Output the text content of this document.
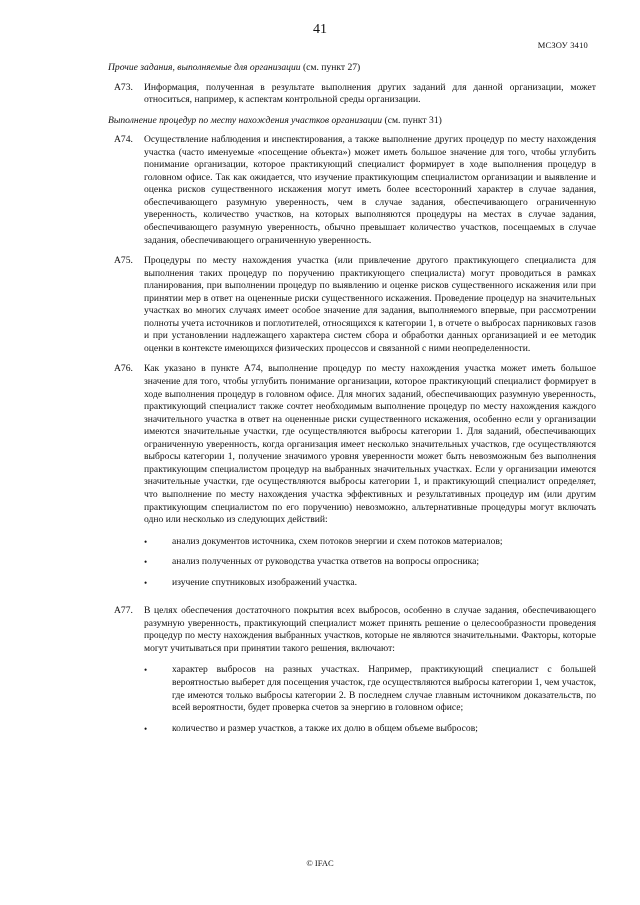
41
МСЗОУ 3410
Прочие задания, выполняемые для организации (см. пункт 27)
A73.	Информация, полученная в результате выполнения других заданий для данной организации, может относиться, например, к аспектам контрольной среды организации.

Выполнение процедур по месту нахождения участков организации (см. пункт 31)
A74.	Осуществление наблюдения и инспектирования, а также выполнение других процедур по месту нахождения участка (часто именуемые «посещение объекта») может иметь большое значение для того, чтобы углубить понимание организации, которое практикующий специалист формирует в ходе выполнения процедур в головном офисе. Так как ожидается, что изучение практикующим специалистом организации и выявление и оценка рисков существенного искажения могут иметь более всесторонний характер в случае задания, обеспечивающего разумную уверенность, чем в случае задания, обеспечивающего ограниченную уверенность, количество участков, на которых выполняются процедуры на местах в случае задания, обеспечивающего разумную уверенность, обычно превышает количество участков, посещаемых в случае задания, обеспечивающего ограниченную уверенность.

A75.	Процедуры по месту нахождения участка (или привлечение другого практикующего специалиста для выполнения таких процедур по поручению практикующего специалиста) могут проводиться в рамках планирования, при выполнении процедур по выявлению и оценке рисков существенного искажения или при принятии мер в ответ на оцененные риски существенного искажения. Проведение процедур на значительных участках во многих случаях имеет особое значение для задания, выполняемого впервые, при рассмотрении полноты учета источников и поглотителей, относящихся к категории 1, в отчете о выбросах парниковых газов и при установлении надлежащего характера систем сбора и обработки данных организацией и ее методик оценки в контексте имеющихся физических процессов и связанной с ними неопределенности.

A76.	Как указано в пункте A74, выполнение процедур по месту нахождения участка может иметь большое значение для того, чтобы углубить понимание организации, которое практикующий специалист формирует в ходе выполнения процедур в головном офисе. Для многих заданий, обеспечивающих разумную уверенность, практикующий специалист также сочтет необходимым выполнение процедур по месту нахождения каждого значительного участка в ответ на оцененные риски существенного искажения, особенно если у организации имеются значительные участки, где осуществляются выбросы категории 1. Для заданий, обеспечивающих ограниченную уверенность, когда организация имеет несколько значительных участков, где осуществляются выбросы категории 1, получение значимого уровня уверенности может быть невозможным без выполнения практикующим специалистом процедур на выбранных значительных участках. Если у организации имеются значительные участки, где осуществляются выбросы категории 1, и практикующий специалист определяет, что выполнение по месту нахождения участка эффективных и результативных процедур им (или другим практикующим специалистом по его поручению) невозможно, альтернативные процедуры могут включать одно или несколько из следующих действий:

•	анализ документов источника, схем потоков энергии и схем потоков материалов;
•	анализ полученных от руководства участка ответов на вопросы опросника;
•	изучение спутниковых изображений участка.
A77.	В целях обеспечения достаточного покрытия всех выбросов, особенно в случае задания, обеспечивающего разумную уверенность, практикующий специалист может принять решение о целесообразности проведения процедур по месту нахождения выбранных участков, которые не являются значительными. Факторы, которые могут учитываться при принятии такого решения, включают:

•	характер выбросов на разных участках. Например, практикующий специалист с большей вероятностью выберет для посещения участок, где осуществляются выбросы категории 1, чем участок, где имеются только выбросы категории 2. В последнем случае главным источником доказательств, по всей вероятности, будет проверка счетов за энергию в головном офисе;
•	количество и размер участков, а также их долю в общем объеме выбросов;
© IFAC
